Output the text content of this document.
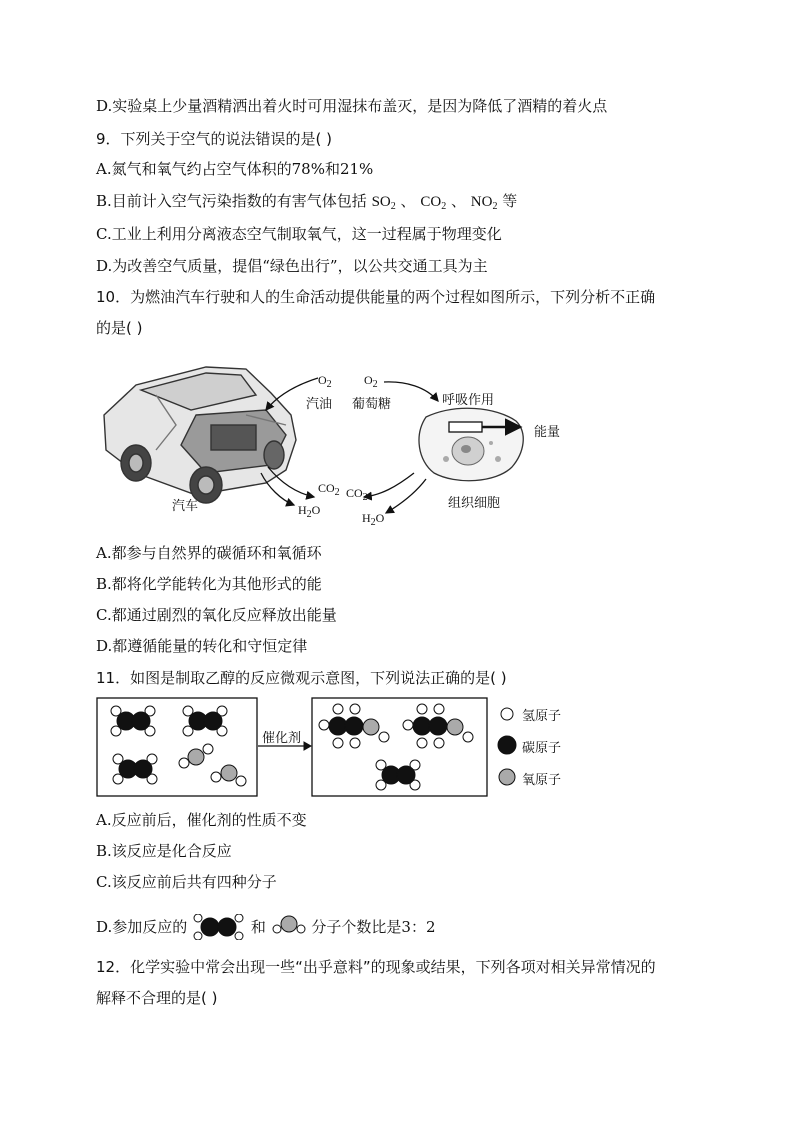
D.实验桌上少量酒精洒出着火时可用湿抹布盖灭，是因为降低了酒精的着火点
9．下列关于空气的说法错误的是( )
A.氮气和氧气约占空气体积的78%和21%
B.目前计入空气污染指数的有害气体包括 $SO_2$ 、 $CO_2$ 、 $NO_2$ 等
C.工业上利用分离液态空气制取氧气，这一过程属于物理变化
D.为改善空气质量，提倡“绿色出行”，以公共交通工具为主
10．为燃油汽车行驶和人的生命活动提供能量的两个过程如图所示，下列分析不正确
的是( )
$O_2$
汽油
$O_2$
葡萄糖	呼吸作用
能量
$CO_2$ $CO_2$
$H_2O$
$H_2O$
汽车	组织细胞
A.都参与自然界的碳循环和氧循环
B.都将化学能转化为其他形式的能
C.都通过剧烈的氧化反应释放出能量
D.都遵循能量的转化和守恒定律
11．如图是制取乙醇的反应微观示意图，下列说法正确的是( )
催化剂
氢原子
碳原子
氧原子
A.反应前后，催化剂的性质不变
B.该反应是化合反应
C.该反应前后共有四种分子
D.参加反应的	和	分子个数比是3：2
12．化学实验中常会出现一些“出乎意料”的现象或结果，下列各项对相关异常情况的
解释不合理的是( )
